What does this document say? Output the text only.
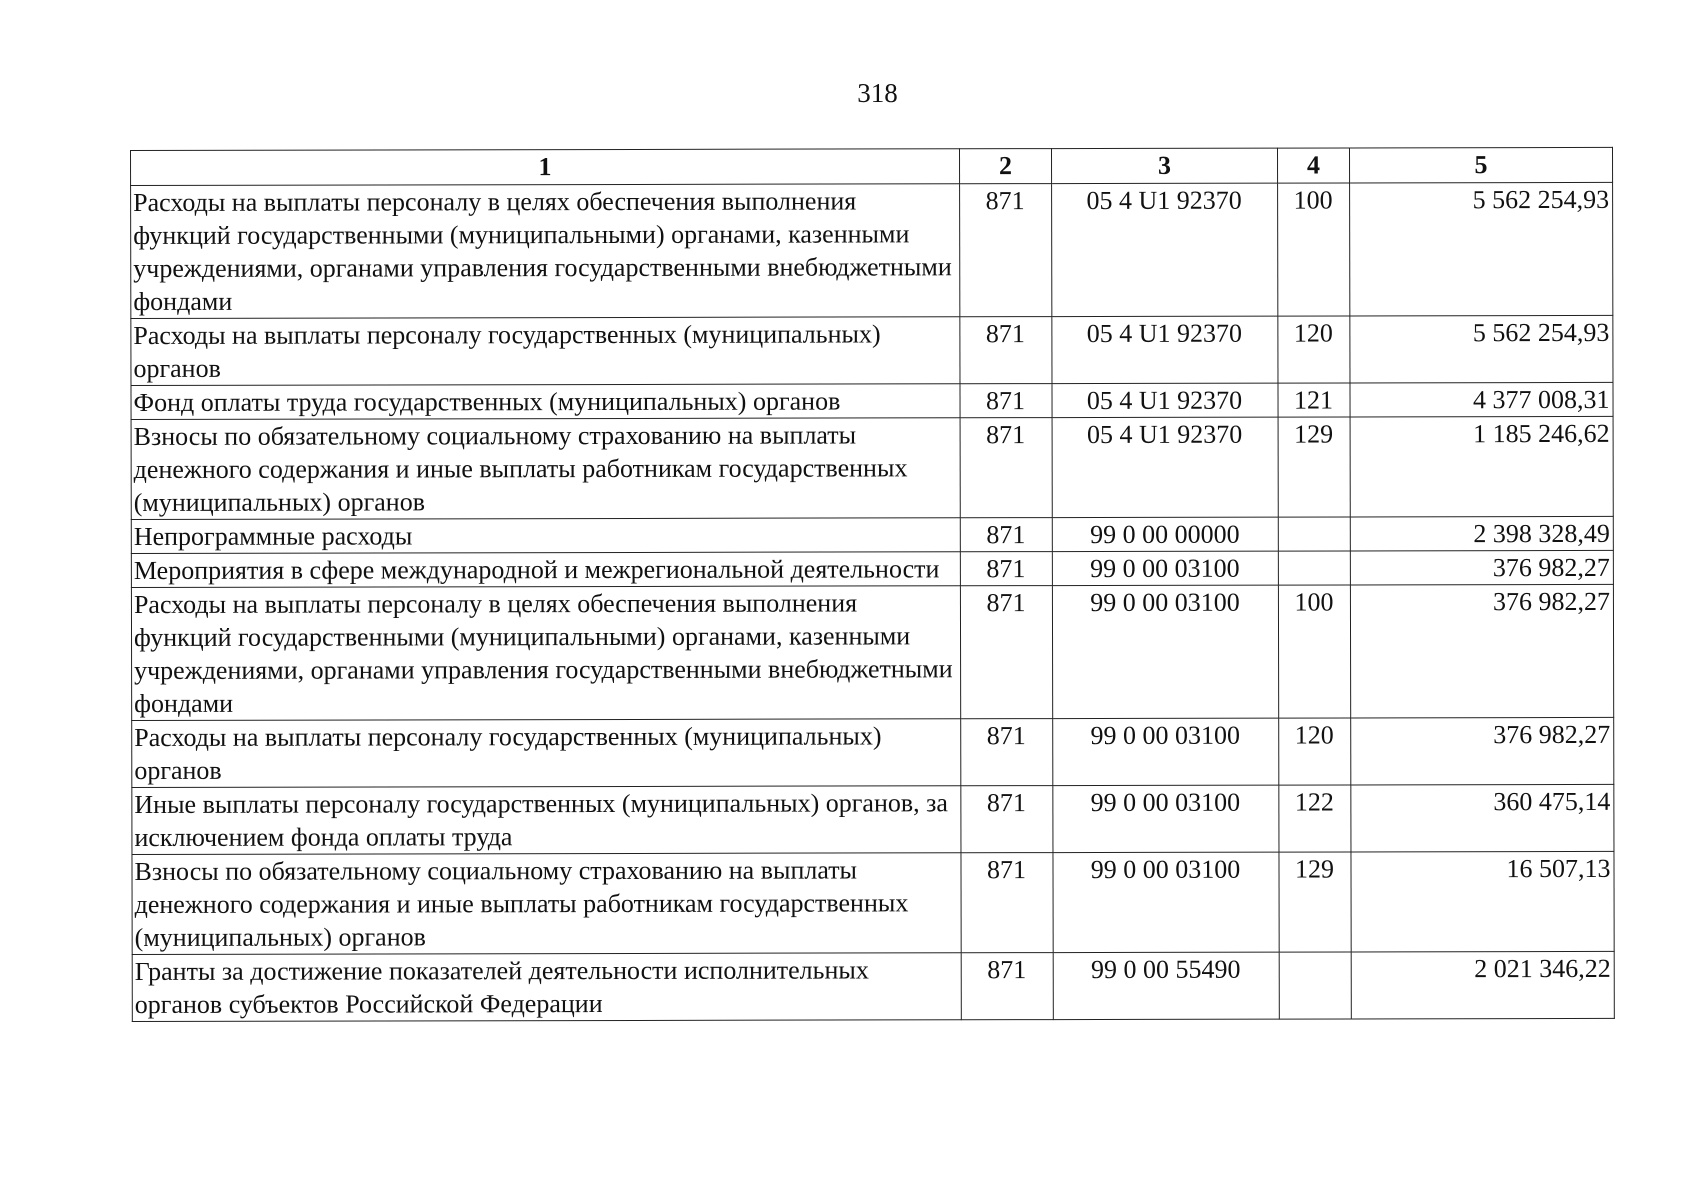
318
1	2	3	4	5
Расходы на выплаты персоналу в целях обеспечения выполнения функций государственными (муниципальными) органами, казенными учреждениями, органами управления государственными внебюджетными фондами	871	05 4 U1 92370	100	5 562 254,93
Расходы на выплаты персоналу государственных (муниципальных) органов	871	05 4 U1 92370	120	5 562 254,93
Фонд оплаты труда государственных (муниципальных) органов	871	05 4 U1 92370	121	4 377 008,31
Взносы по обязательному социальному страхованию на выплаты денежного содержания и иные выплаты работникам государственных (муниципальных) органов	871	05 4 U1 92370	129	1 185 246,62
Непрограммные расходы	871	99 0 00 00000		2 398 328,49
Мероприятия в сфере международной и межрегиональной деятельности	871	99 0 00 03100		376 982,27
Расходы на выплаты персоналу в целях обеспечения выполнения функций государственными (муниципальными) органами, казенными учреждениями, органами управления государственными внебюджетными фондами	871	99 0 00 03100	100	376 982,27
Расходы на выплаты персоналу государственных (муниципальных) органов	871	99 0 00 03100	120	376 982,27
Иные выплаты персоналу государственных (муниципальных) органов, за исключением фонда оплаты труда	871	99 0 00 03100	122	360 475,14
Взносы по обязательному социальному страхованию на выплаты денежного содержания и иные выплаты работникам государственных (муниципальных) органов	871	99 0 00 03100	129	16 507,13
Гранты за достижение показателей деятельности исполнительных органов субъектов Российской Федерации	871	99 0 00 55490		2 021 346,22
